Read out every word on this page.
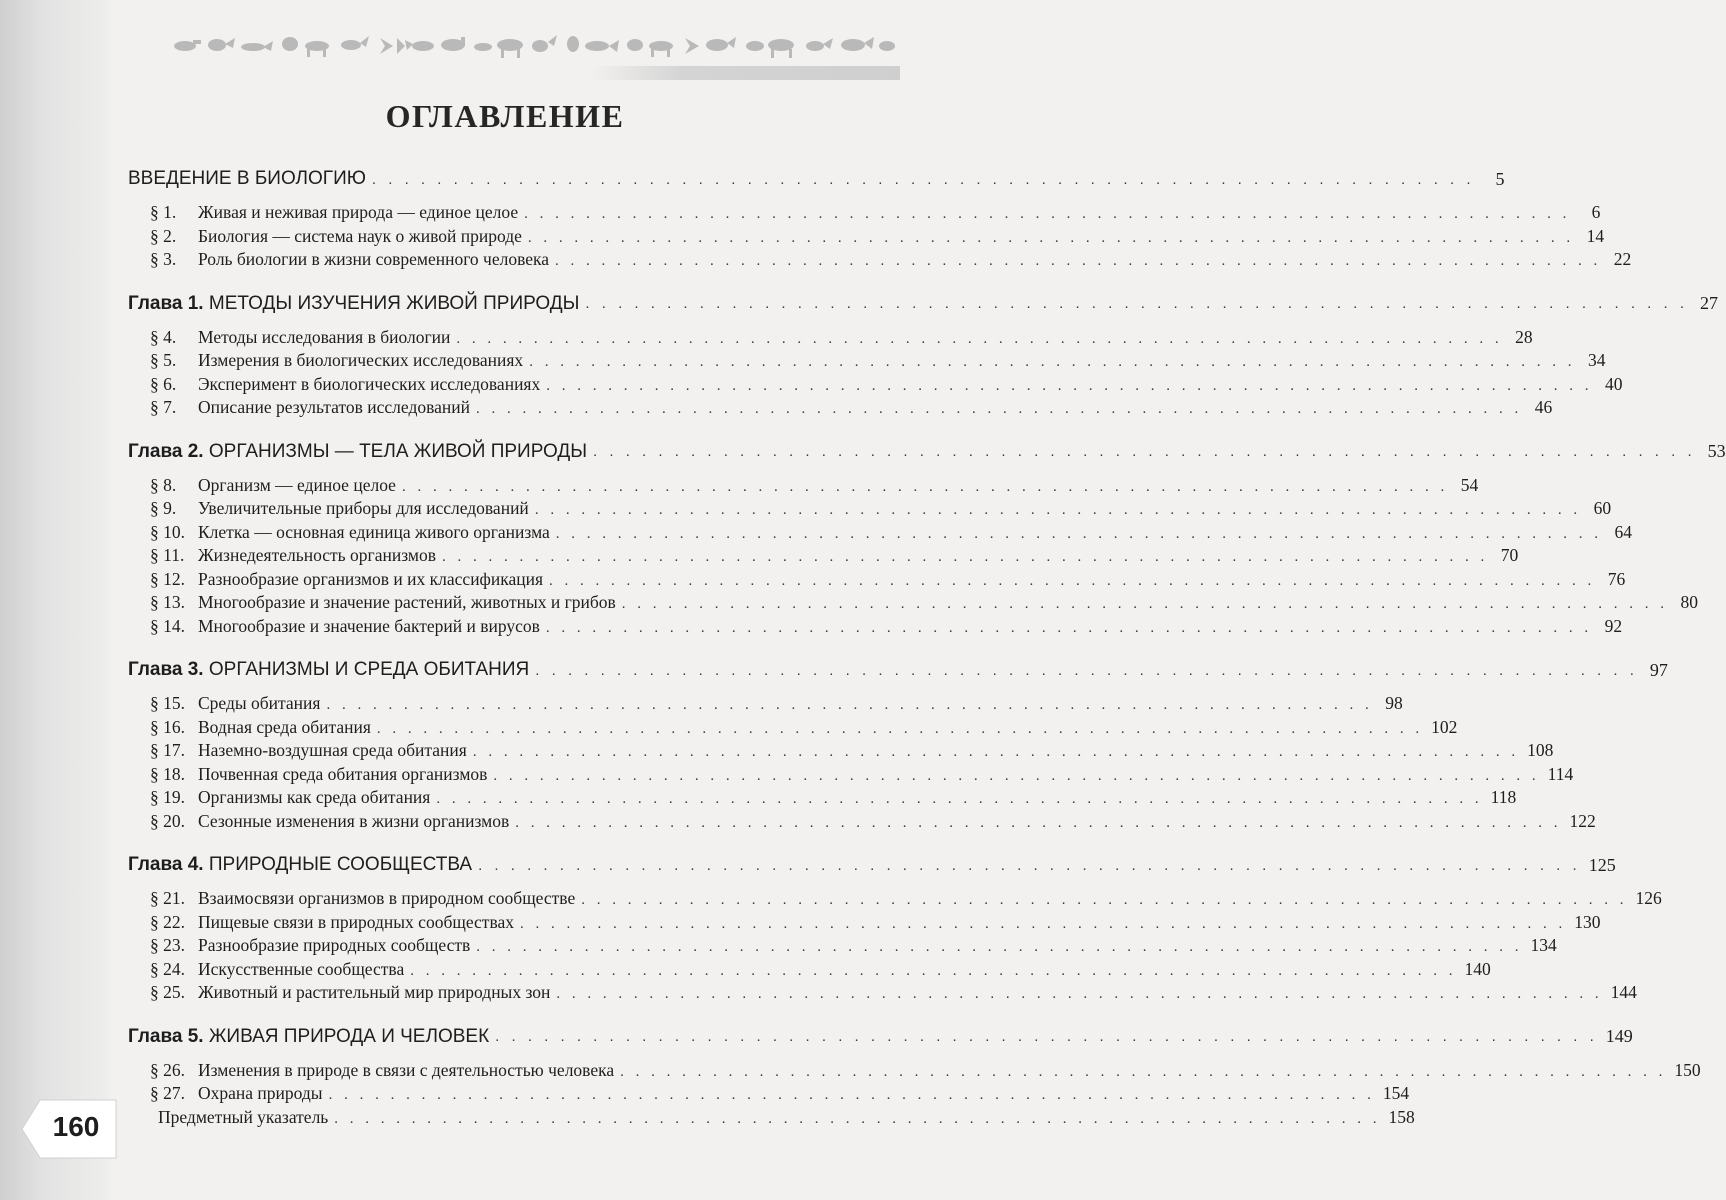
ОГЛАВЛЕНИЕ
ВВЕДЕНИЕ В БИОЛОГИЮ . . . . . . . . . . . . . . . . . . . . . . . . . . . . . . . . . . . . . . . . . . . . . . . . . . . . . . . . . . . . . . . . . . . .	5
§ 1. Живая и неживая природа — единое целое . . . . . . . . . . . . . . . . . . . . . . . . . . . . . . . . . . . . . . . . . . . . . . . . . . . . . . . . . . . . . . . . . . . .	6
§ 2. Биология — система наук о живой природе . . . . . . . . . . . . . . . . . . . . . . . . . . . . . . . . . . . . . . . . . . . . . . . . . . . . . . . . . . . . . . . . . . . . 14
§ 3. Роль биологии в жизни современного человека . . . . . . . . . . . . . . . . . . . . . . . . . . . . . . . . . . . . . . . . . . . . . . . . . . . . . . . . . . . . . . . . . . . . 22
Глава 1. МЕТОДЫ ИЗУЧЕНИЯ ЖИВОЙ ПРИРОДЫ . . . . . . . . . . . . . . . . . . . . . . . . . . . . . . . . . . . . . . . . . . . . . . . . . . . . . . . . . . . . . . . . . . . . 27
§ 4. Методы исследования в биологии . . . . . . . . . . . . . . . . . . . . . . . . . . . . . . . . . . . . . . . . . . . . . . . . . . . . . . . . . . . . . . . . . . . . 28
§ 5. Измерения в биологических исследованиях . . . . . . . . . . . . . . . . . . . . . . . . . . . . . . . . . . . . . . . . . . . . . . . . . . . . . . . . . . . . . . . . . . . . 34
§ 6. Эксперимент в биологических исследованиях . . . . . . . . . . . . . . . . . . . . . . . . . . . . . . . . . . . . . . . . . . . . . . . . . . . . . . . . . . . . . . . . . . . . 40
§ 7. Описание результатов исследований . . . . . . . . . . . . . . . . . . . . . . . . . . . . . . . . . . . . . . . . . . . . . . . . . . . . . . . . . . . . . . . . . . . . 46
Глава 2. ОРГАНИЗМЫ — ТЕЛА ЖИВОЙ ПРИРОДЫ . . . . . . . . . . . . . . . . . . . . . . . . . . . . . . . . . . . . . . . . . . . . . . . . . . . . . . . . . . . . . . . . . . . . 53
§ 8. Организм — единое целое . . . . . . . . . . . . . . . . . . . . . . . . . . . . . . . . . . . . . . . . . . . . . . . . . . . . . . . . . . . . . . . . . . . . 54
§ 9. Увеличительные приборы для исследований . . . . . . . . . . . . . . . . . . . . . . . . . . . . . . . . . . . . . . . . . . . . . . . . . . . . . . . . . . . . . . . . . . . . 60
§ 10. Клетка — основная единица живого организма . . . . . . . . . . . . . . . . . . . . . . . . . . . . . . . . . . . . . . . . . . . . . . . . . . . . . . . . . . . . . . . . . . . . 64
§ 11. Жизнедеятельность организмов . . . . . . . . . . . . . . . . . . . . . . . . . . . . . . . . . . . . . . . . . . . . . . . . . . . . . . . . . . . . . . . . . . . . 70
§ 12. Разнообразие организмов и их классификация . . . . . . . . . . . . . . . . . . . . . . . . . . . . . . . . . . . . . . . . . . . . . . . . . . . . . . . . . . . . . . . . . . . . 76
§ 13. Многообразие и значение растений, животных и грибов . . . . . . . . . . . . . . . . . . . . . . . . . . . . . . . . . . . . . . . . . . . . . . . . . . . . . . . . . . . . . . . . . . . . 80
§ 14. Многообразие и значение бактерий и вирусов . . . . . . . . . . . . . . . . . . . . . . . . . . . . . . . . . . . . . . . . . . . . . . . . . . . . . . . . . . . . . . . . . . . . 92
Глава 3. ОРГАНИЗМЫ И СРЕДА ОБИТАНИЯ . . . . . . . . . . . . . . . . . . . . . . . . . . . . . . . . . . . . . . . . . . . . . . . . . . . . . . . . . . . . . . . . . . . . 97
§ 15. Среды обитания . . . . . . . . . . . . . . . . . . . . . . . . . . . . . . . . . . . . . . . . . . . . . . . . . . . . . . . . . . . . . . . . . . . . 98
§ 16. Водная среда обитания . . . . . . . . . . . . . . . . . . . . . . . . . . . . . . . . . . . . . . . . . . . . . . . . . . . . . . . . . . . . . . . . . . . . 102
§ 17. Наземно-воздушная среда обитания . . . . . . . . . . . . . . . . . . . . . . . . . . . . . . . . . . . . . . . . . . . . . . . . . . . . . . . . . . . . . . . . . . . . 108
§ 18. Почвенная среда обитания организмов . . . . . . . . . . . . . . . . . . . . . . . . . . . . . . . . . . . . . . . . . . . . . . . . . . . . . . . . . . . . . . . . . . . . 114
§ 19. Организмы как среда обитания . . . . . . . . . . . . . . . . . . . . . . . . . . . . . . . . . . . . . . . . . . . . . . . . . . . . . . . . . . . . . . . . . . . . 118
§ 20. Сезонные изменения в жизни организмов . . . . . . . . . . . . . . . . . . . . . . . . . . . . . . . . . . . . . . . . . . . . . . . . . . . . . . . . . . . . . . . . . . . . 122
Глава 4. ПРИРОДНЫЕ СООБЩЕСТВА . . . . . . . . . . . . . . . . . . . . . . . . . . . . . . . . . . . . . . . . . . . . . . . . . . . . . . . . . . . . . . . . . . . . 125
§ 21. Взаимосвязи организмов в природном сообществе . . . . . . . . . . . . . . . . . . . . . . . . . . . . . . . . . . . . . . . . . . . . . . . . . . . . . . . . . . . . . . . . . . . . 126
§ 22. Пищевые связи в природных сообществах . . . . . . . . . . . . . . . . . . . . . . . . . . . . . . . . . . . . . . . . . . . . . . . . . . . . . . . . . . . . . . . . . . . . 130
§ 23. Разнообразие природных сообществ . . . . . . . . . . . . . . . . . . . . . . . . . . . . . . . . . . . . . . . . . . . . . . . . . . . . . . . . . . . . . . . . . . . . 134
§ 24. Искусственные сообщества . . . . . . . . . . . . . . . . . . . . . . . . . . . . . . . . . . . . . . . . . . . . . . . . . . . . . . . . . . . . . . . . . . . . 140
§ 25. Животный и растительный мир природных зон . . . . . . . . . . . . . . . . . . . . . . . . . . . . . . . . . . . . . . . . . . . . . . . . . . . . . . . . . . . . . . . . . . . . 144
Глава 5. ЖИВАЯ ПРИРОДА И ЧЕЛОВЕК . . . . . . . . . . . . . . . . . . . . . . . . . . . . . . . . . . . . . . . . . . . . . . . . . . . . . . . . . . . . . . . . . . . . 149
§ 26. Изменения в природе в связи с деятельностью человека . . . . . . . . . . . . . . . . . . . . . . . . . . . . . . . . . . . . . . . . . . . . . . . . . . . . . . . . . . . . . . . . . . . . 150
§ 27. Охрана природы . . . . . . . . . . . . . . . . . . . . . . . . . . . . . . . . . . . . . . . . . . . . . . . . . . . . . . . . . . . . . . . . . . . . 154
Предметный указатель . . . . . . . . . . . . . . . . . . . . . . . . . . . . . . . . . . . . . . . . . . . . . . . . . . . . . . . . . . . . . . . . . . . . 158
160
